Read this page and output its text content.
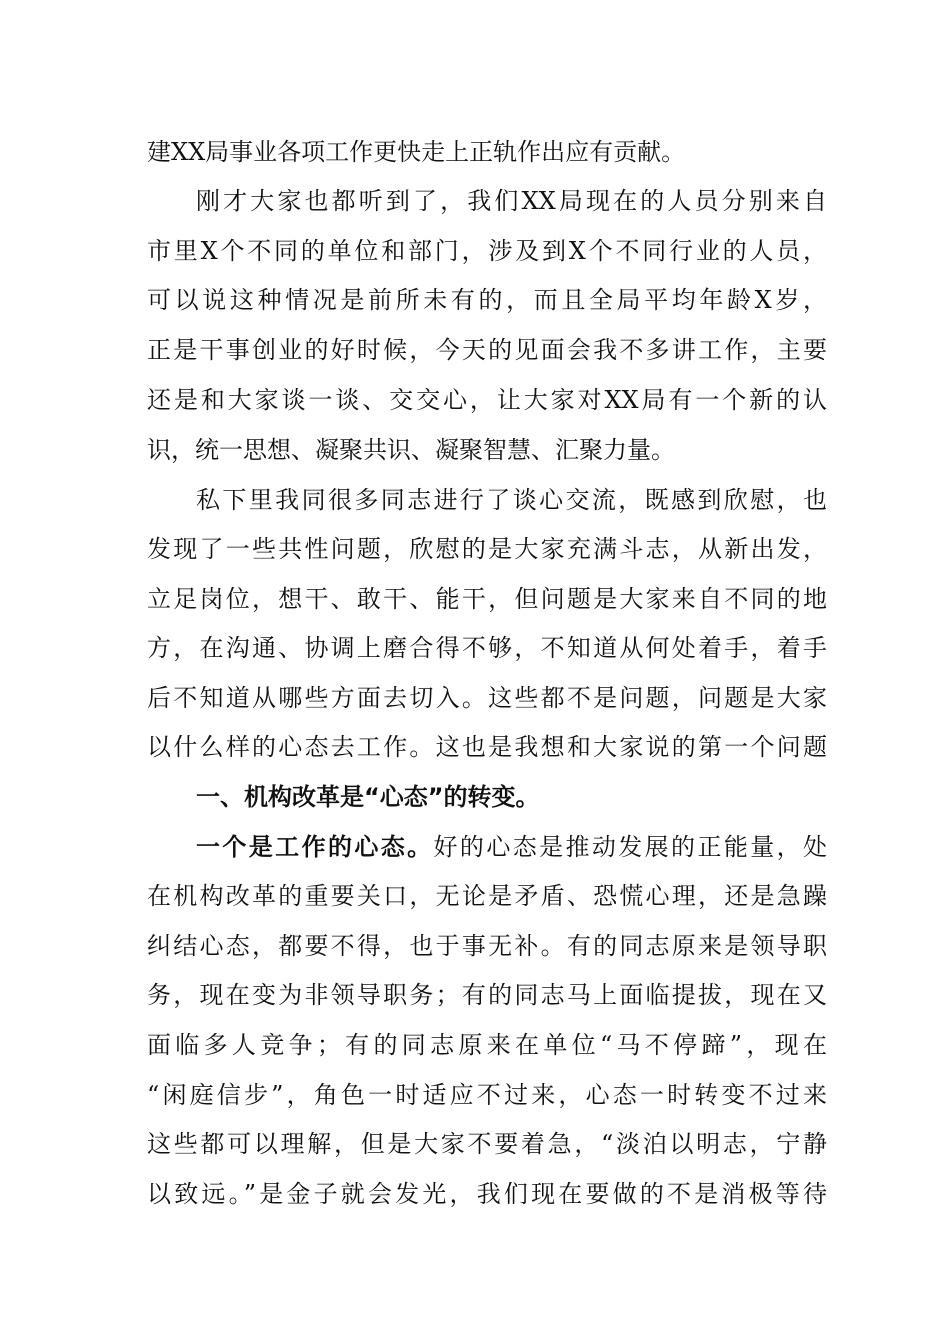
建XX局事业各项工作更快走上正轨作出应有贡献。
刚才大家也都听到了，我们XX局现在的人员分别来自
市里X个不同的单位和部门，涉及到X个不同行业的人员，
可以说这种情况是前所未有的，而且全局平均年龄X岁，
正是干事创业的好时候，今天的见面会我不多讲工作，主要
还是和大家谈一谈、交交心，让大家对XX局有一个新的认
识，统一思想、凝聚共识、凝聚智慧、汇聚力量。
私下里我同很多同志进行了谈心交流，既感到欣慰，也
发现了一些共性问题，欣慰的是大家充满斗志，从新出发，
立足岗位，想干、敢干、能干，但问题是大家来自不同的地
方，在沟通、协调上磨合得不够，不知道从何处着手，着手
后不知道从哪些方面去切入。这些都不是问题，问题是大家
以什么样的心态去工作。这也是我想和大家说的第一个问题
一、机构改革是“心态”的转变。
一个是工作的心态。好的心态是推动发展的正能量，处
在机构改革的重要关口，无论是矛盾、恐慌心理，还是急躁
纠结心态，都要不得，也于事无补。有的同志原来是领导职
务，现在变为非领导职务；有的同志马上面临提拔，现在又
面临多人竞争；有的同志原来在单位“马不停蹄”，现在
“闲庭信步”，角色一时适应不过来，心态一时转变不过来
这些都可以理解，但是大家不要着急，“淡泊以明志，宁静
以致远。”是金子就会发光，我们现在要做的不是消极等待
